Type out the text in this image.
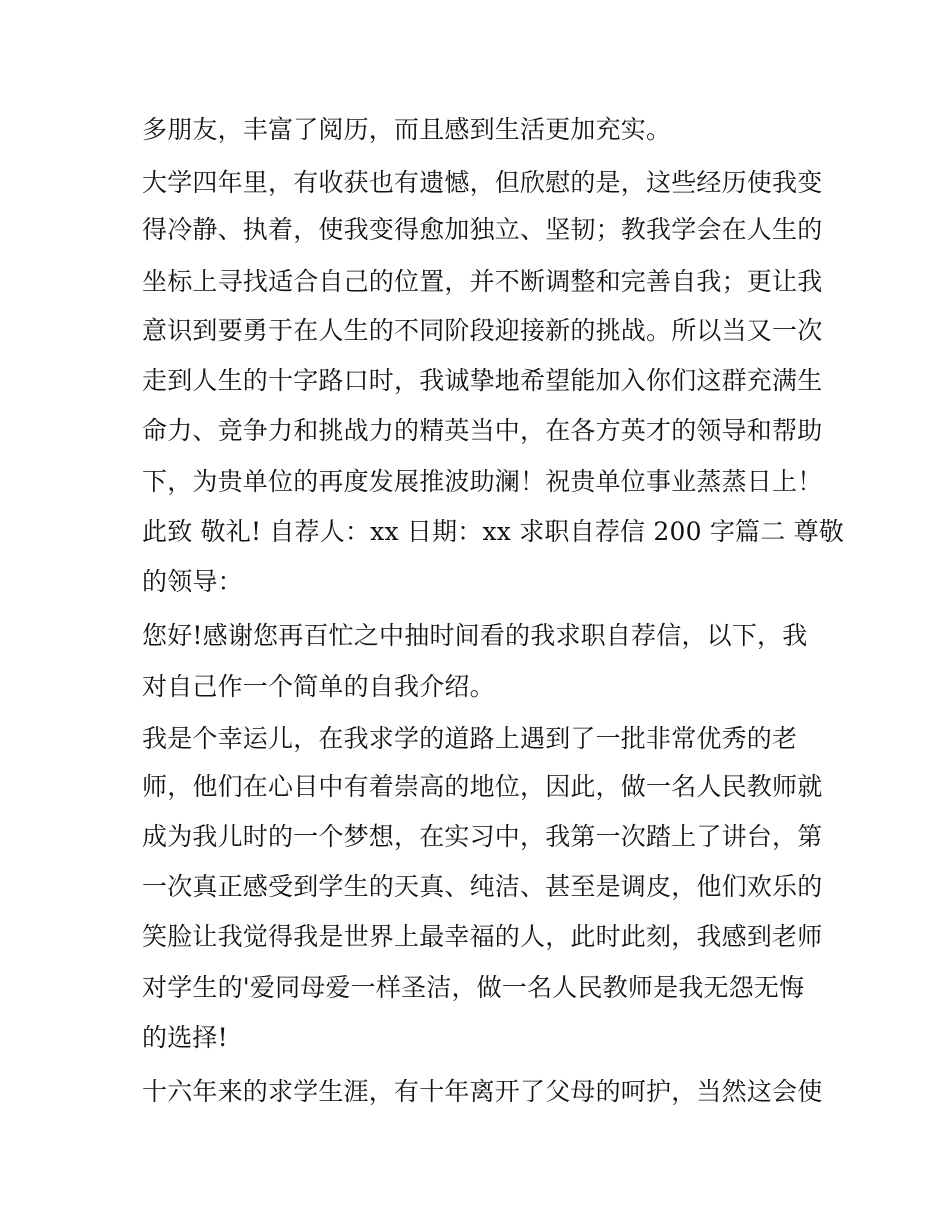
多朋友，丰富了阅历，而且感到生活更加充实。
大学四年里，有收获也有遗憾，但欣慰的是，这些经历使我变
得冷静、执着，使我变得愈加独立、坚韧；教我学会在人生的
坐标上寻找适合自己的位置，并不断调整和完善自我；更让我
意识到要勇于在人生的不同阶段迎接新的挑战。所以当又一次
走到人生的十字路口时，我诚挚地希望能加入你们这群充满生
命力、竞争力和挑战力的精英当中，在各方英才的领导和帮助
下，为贵单位的再度发展推波助澜！祝贵单位事业蒸蒸日上！
此致 敬礼! 自荐人：xx 日期：xx 求职自荐信 200 字篇二 尊敬
的领导：
您好!感谢您再百忙之中抽时间看的我求职自荐信，以下，我
对自己作一个简单的自我介绍。
我是个幸运儿，在我求学的道路上遇到了一批非常优秀的老
师，他们在心目中有着崇高的地位，因此，做一名人民教师就
成为我儿时的一个梦想，在实习中，我第一次踏上了讲台，第
一次真正感受到学生的天真、纯洁、甚至是调皮，他们欢乐的
笑脸让我觉得我是世界上最幸福的人，此时此刻，我感到老师
对学生的'爱同母爱一样圣洁，做一名人民教师是我无怨无悔
的选择!
十六年来的求学生涯，有十年离开了父母的呵护，当然这会使
